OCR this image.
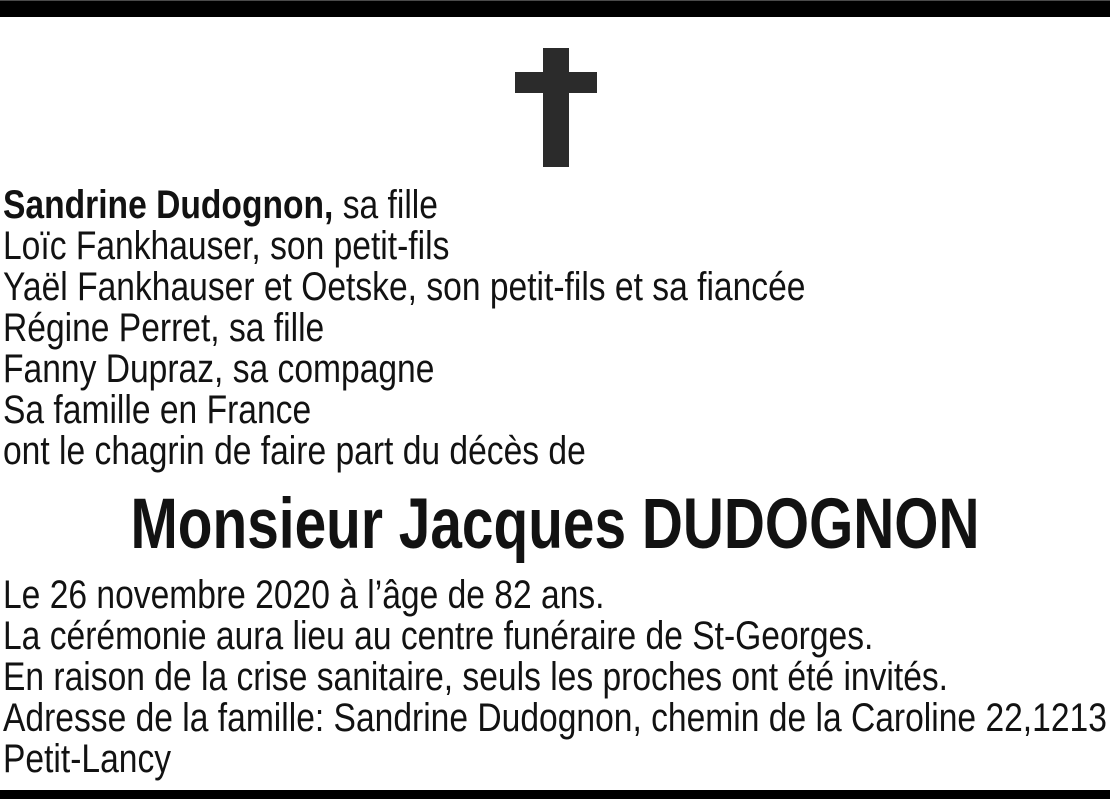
Sandrine Dudognon, sa fille
Loïc Fankhauser, son petit-fils
Yaël Fankhauser et Oetske, son petit-fils et sa fiancée
Régine Perret, sa fille
Fanny Dupraz, sa compagne
Sa famille en France
ont le chagrin de faire part du décès de
Monsieur Jacques DUDOGNON
Le 26 novembre 2020 à l’âge de 82 ans.
La cérémonie aura lieu au centre funéraire de St-Georges.
En raison de la crise sanitaire, seuls les proches ont été invités.
Adresse de la famille: Sandrine Dudognon, chemin de la Caroline 22,1213
Petit-Lancy
